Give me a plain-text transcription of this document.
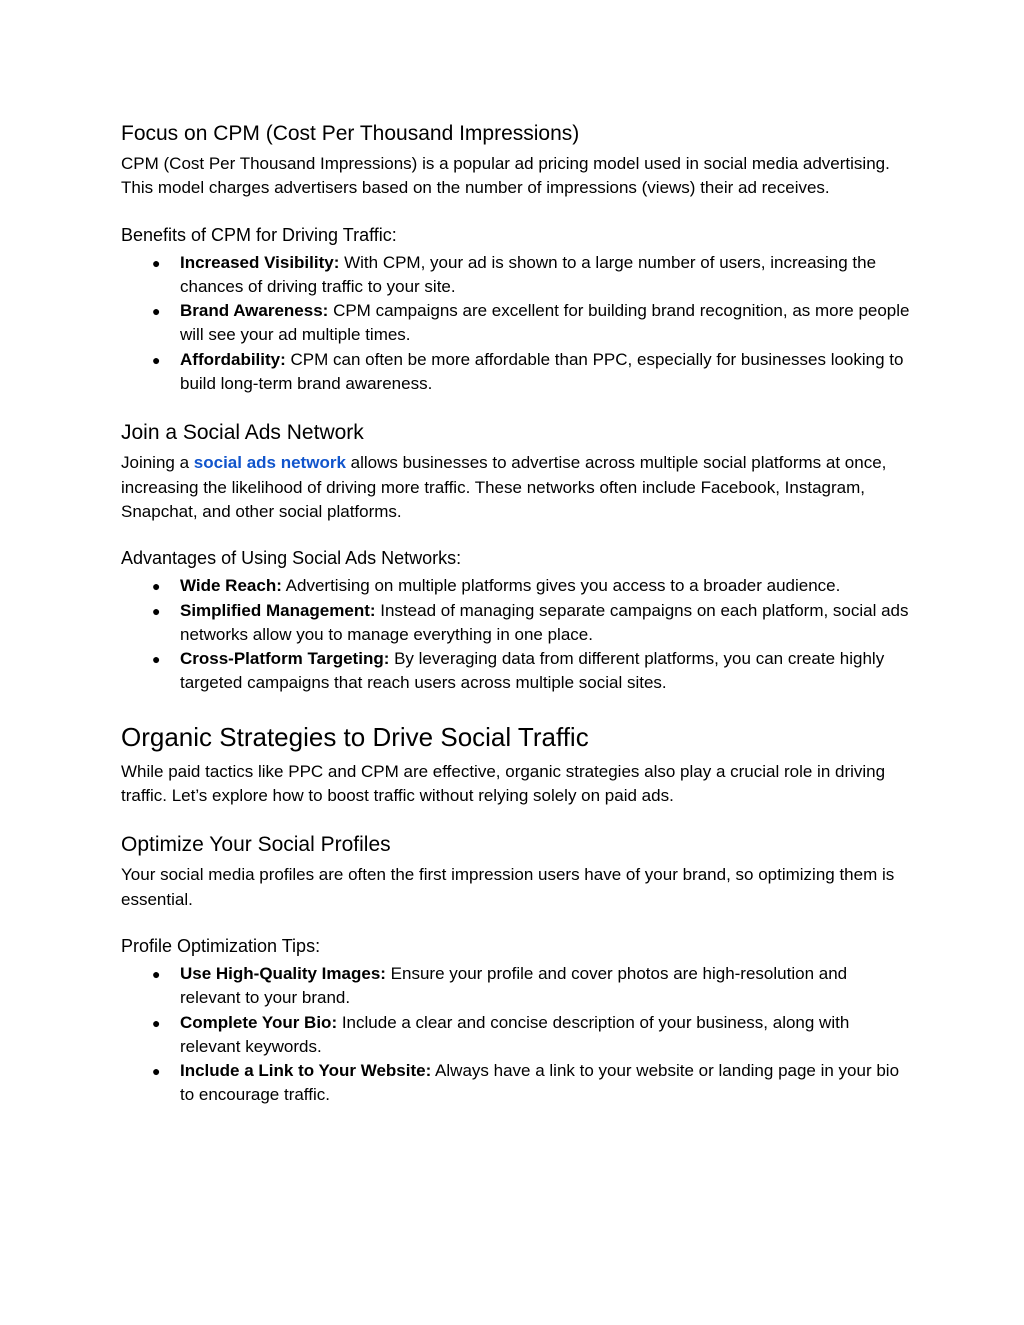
Focus on CPM (Cost Per Thousand Impressions)

CPM (Cost Per Thousand Impressions) is a popular ad pricing model used in social media advertising. This model charges advertisers based on the number of impressions (views) their ad receives.

Benefits of CPM for Driving Traffic:
● Increased Visibility: With CPM, your ad is shown to a large number of users, increasing the chances of driving traffic to your site.
● Brand Awareness: CPM campaigns are excellent for building brand recognition, as more people will see your ad multiple times.
● Affordability: CPM can often be more affordable than PPC, especially for businesses looking to build long-term brand awareness.
Join a Social Ads Network

Joining a social ads network allows businesses to advertise across multiple social platforms at once, increasing the likelihood of driving more traffic. These networks often include Facebook, Instagram, Snapchat, and other social platforms.

Advantages of Using Social Ads Networks:
● Wide Reach: Advertising on multiple platforms gives you access to a broader audience.
● Simplified Management: Instead of managing separate campaigns on each platform, social ads networks allow you to manage everything in one place.
● Cross-Platform Targeting: By leveraging data from different platforms, you can create highly targeted campaigns that reach users across multiple social sites.
Organic Strategies to Drive Social Traffic

While paid tactics like PPC and CPM are effective, organic strategies also play a crucial role in driving traffic. Let’s explore how to boost traffic without relying solely on paid ads.

Optimize Your Social Profiles

Your social media profiles are often the first impression users have of your brand, so optimizing them is essential.

Profile Optimization Tips:
● Use High-Quality Images: Ensure your profile and cover photos are high-resolution and relevant to your brand.
● Complete Your Bio: Include a clear and concise description of your business, along with relevant keywords.
● Include a Link to Your Website: Always have a link to your website or landing page in your bio to encourage traffic.
